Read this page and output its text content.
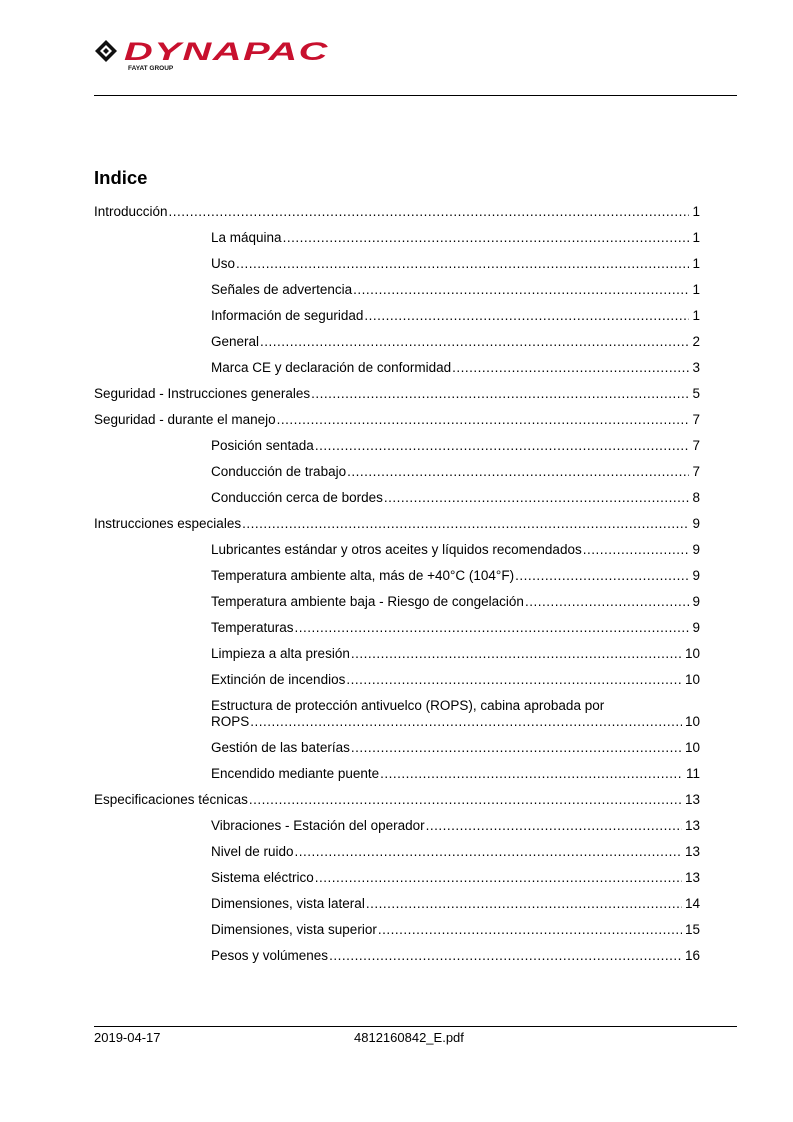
DYNAPAC
FAYAT GROUP
Indice
Introducción .....	1
La máquina .....	1
Uso .....	1
Señales de advertencia .....	1
Información de seguridad .....	1
General .....	2
Marca CE y declaración de conformidad .....	3
Seguridad - Instrucciones generales .....	5
Seguridad - durante el manejo .....	7
Posición sentada .....	7
Conducción de trabajo .....	7
Conducción cerca de bordes .....	8
Instrucciones especiales .....	9
Lubricantes estándar y otros aceites y líquidos recomendados .....	9
Temperatura ambiente alta, más de +40°C (104°F) .....	9
Temperatura ambiente baja - Riesgo de congelación .....	9
Temperaturas .....	9
Limpieza a alta presión .....	10
Extinción de incendios .....	10
Estructura de protección antivuelco (ROPS), cabina aprobada por
ROPS .....	10
Gestión de las baterías .....	10
Encendido mediante puente .....	11
Especificaciones técnicas .....	13
Vibraciones - Estación del operador .....	13
Nivel de ruido .....	13
Sistema eléctrico .....	13
Dimensiones, vista lateral .....	14
Dimensiones, vista superior .....	15
Pesos y volúmenes .....	16
2019-04-17	4812160842_E.pdf
